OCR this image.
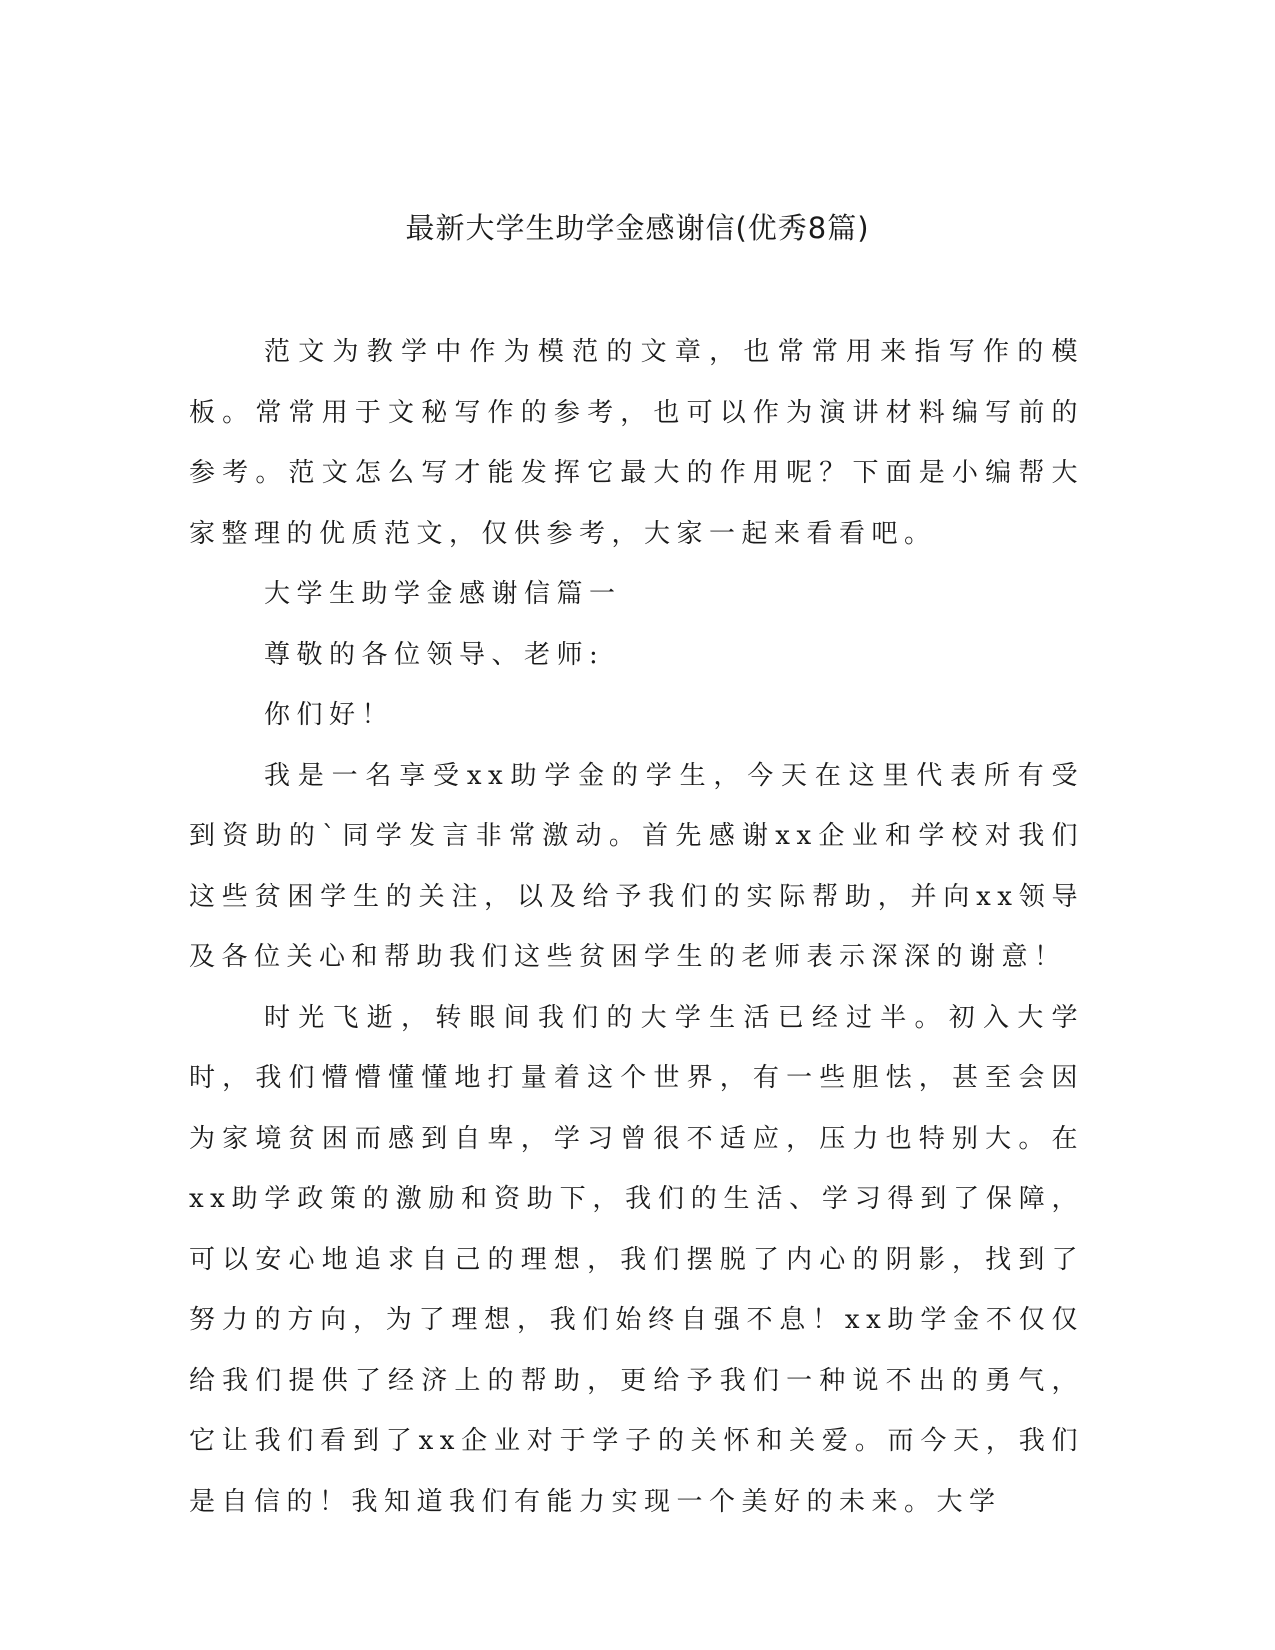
最新大学生助学金感谢信(优秀8篇)

范文为教学中作为模范的文章，也常常用来指写作的模板。常常用于文秘写作的参考，也可以作为演讲材料编写前的参考。范文怎么写才能发挥它最大的作用呢？下面是小编帮大家整理的优质范文，仅供参考，大家一起来看看吧。

大学生助学金感谢信篇一

尊敬的各位领导、老师:

你们好！

我是一名享受xx助学金的学生，今天在这里代表所有受到资助的`同学发言非常激动。首先感谢xx企业和学校对我们这些贫困学生的关注，以及给予我们的实际帮助，并向xx领导及各位关心和帮助我们这些贫困学生的老师表示深深的谢意！

时光飞逝，转眼间我们的大学生活已经过半。初入大学时，我们懵懵懂懂地打量着这个世界，有一些胆怯，甚至会因为家境贫困而感到自卑，学习曾很不适应，压力也特别大。在xx助学政策的激励和资助下，我们的生活、学习得到了保障，可以安心地追求自己的理想，我们摆脱了内心的阴影，找到了努力的方向，为了理想，我们始终自强不息！xx助学金不仅仅给我们提供了经济上的帮助，更给予我们一种说不出的勇气，它让我们看到了xx企业对于学子的关怀和关爱。而今天，我们是自信的！我知道我们有能力实现一个美好的未来。大学
